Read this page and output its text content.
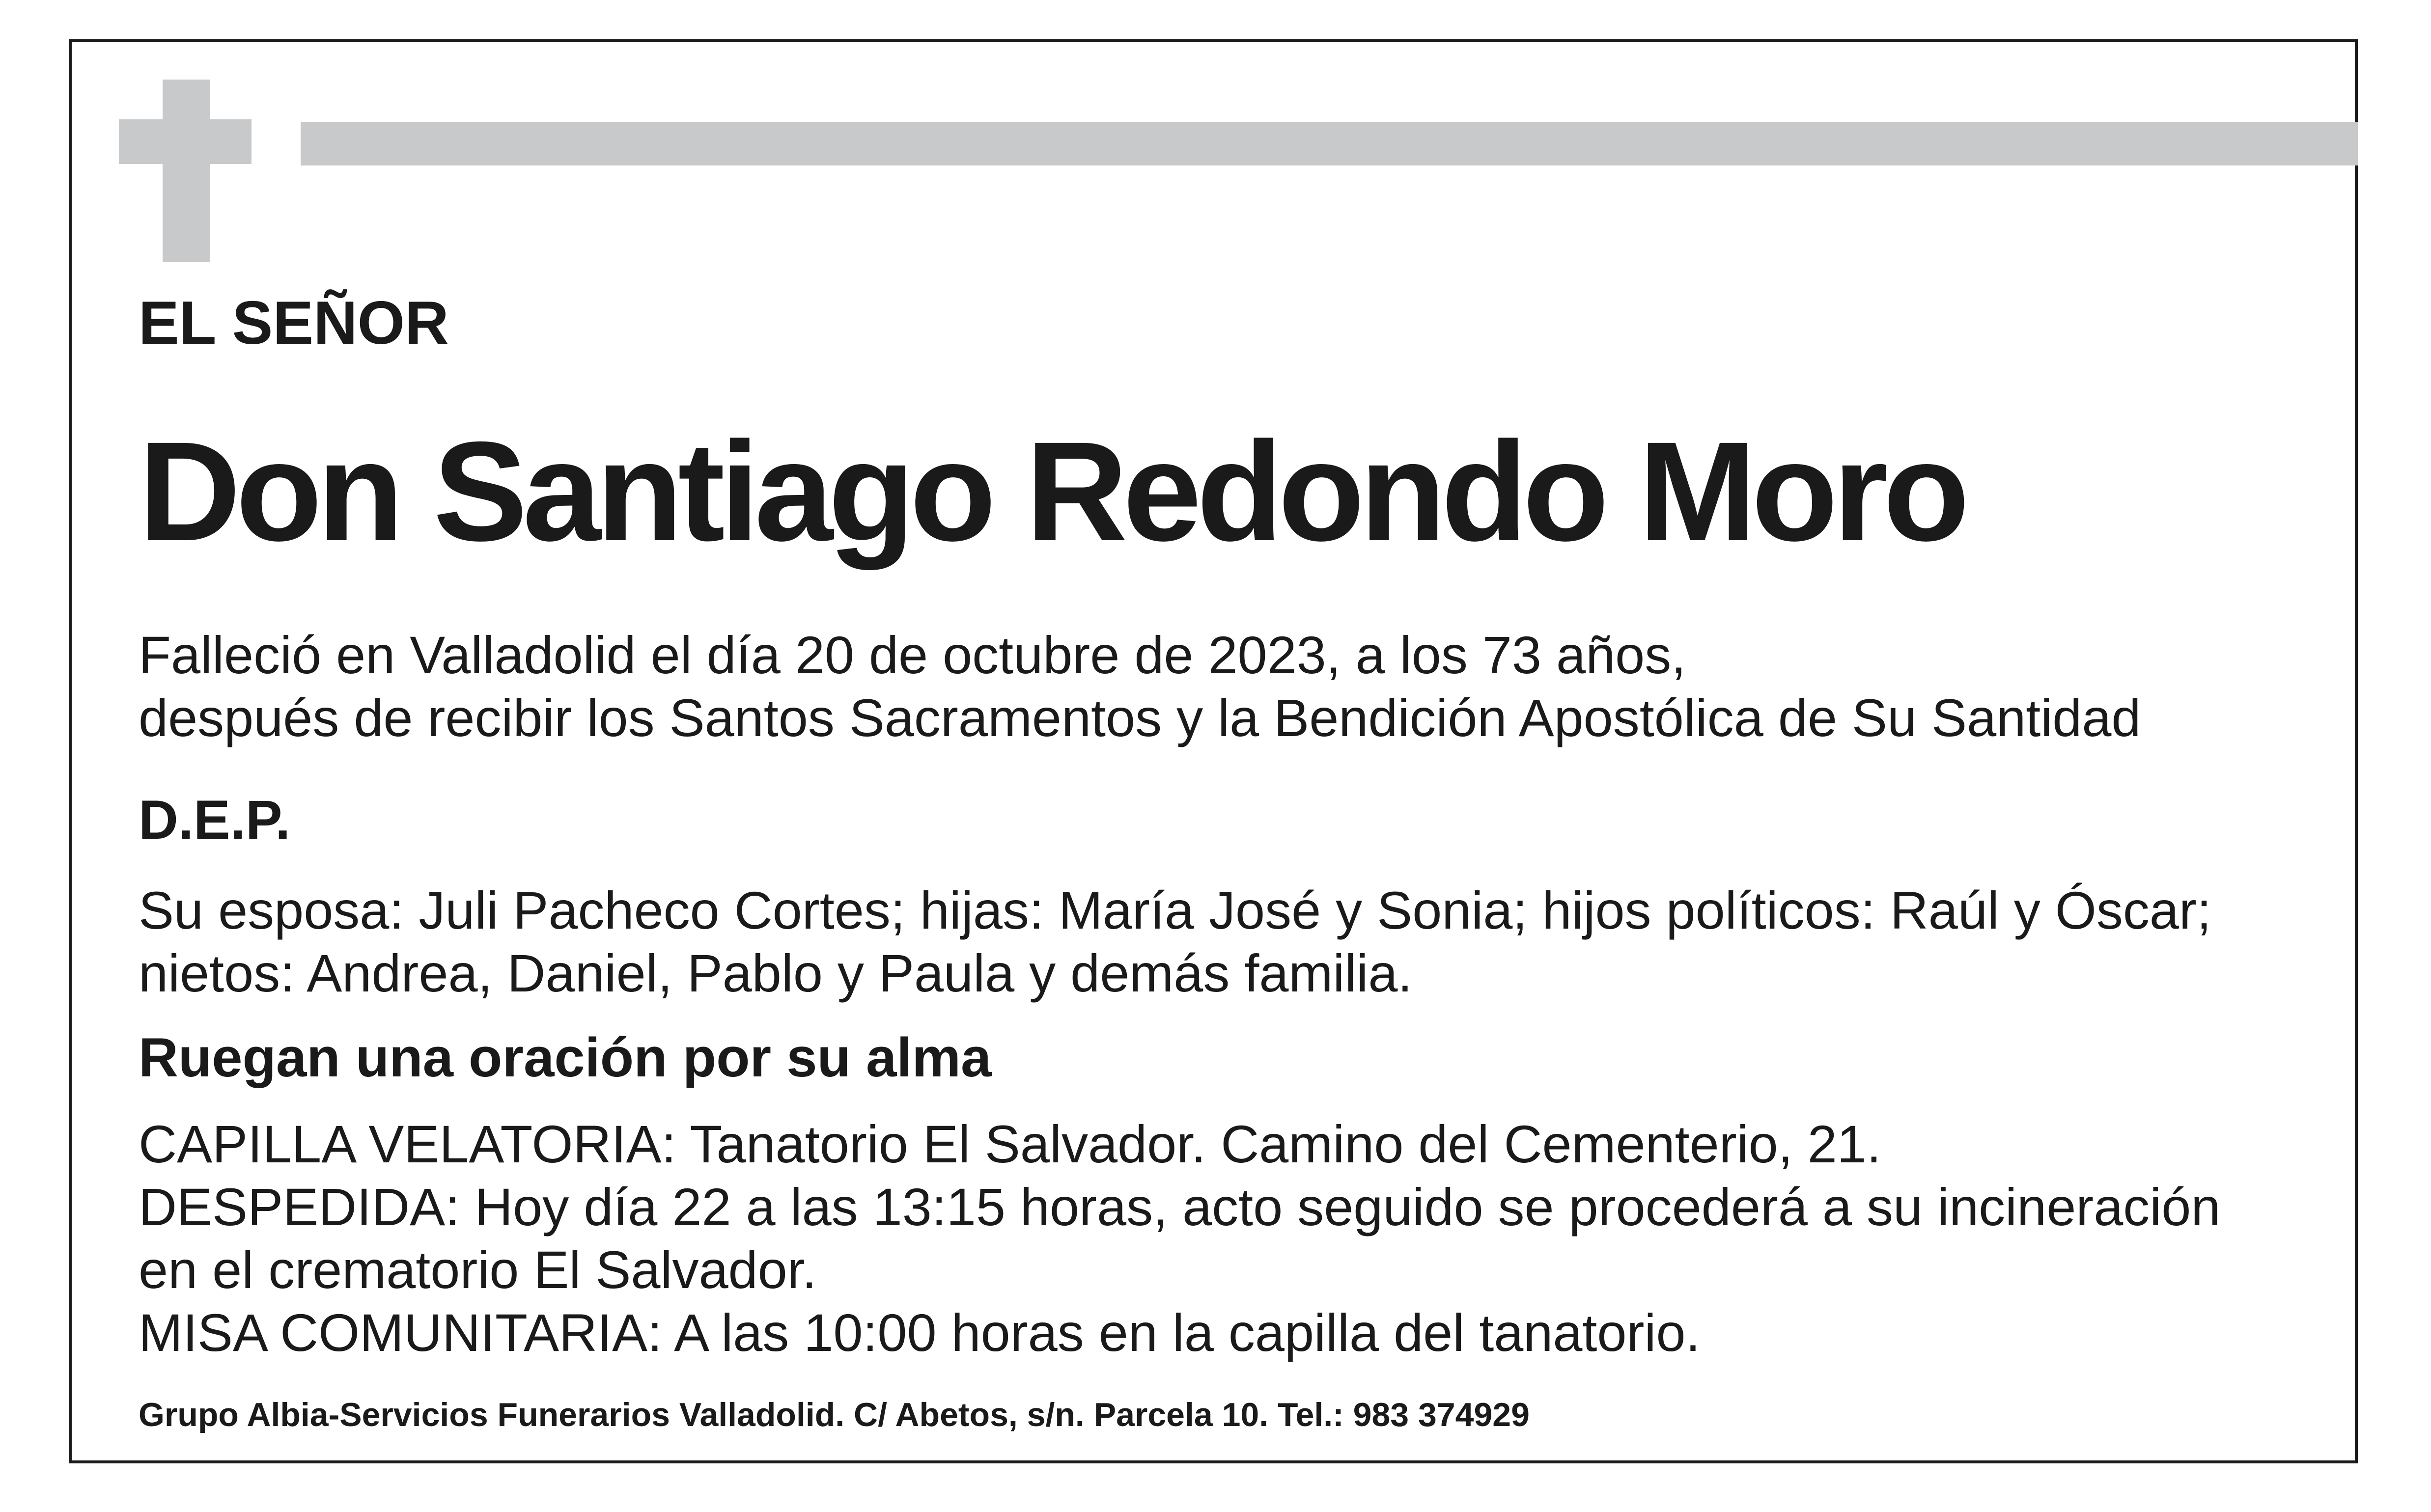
EL SEÑOR

Don Santiago Redondo Moro

Falleció en Valladolid el día 20 de octubre de 2023, a los 73 años,

después de recibir los Santos Sacramentos y la Bendición Apostólica de Su Santidad

D.E.P.

Su esposa: Juli Pacheco Cortes; hijas: María José y Sonia; hijos políticos: Raúl y Óscar;

nietos: Andrea, Daniel, Pablo y Paula y demás familia.

Ruegan una oración por su alma

CAPILLA VELATORIA: Tanatorio El Salvador. Camino del Cementerio, 21.

DESPEDIDA: Hoy día 22 a las 13:15 horas, acto seguido se procederá a su incineración

en el crematorio El Salvador.

MISA COMUNITARIA: A las 10:00 horas en la capilla del tanatorio.

Grupo Albia-Servicios Funerarios Valladolid. C/ Abetos, s/n. Parcela 10. Tel.: 983 374929
